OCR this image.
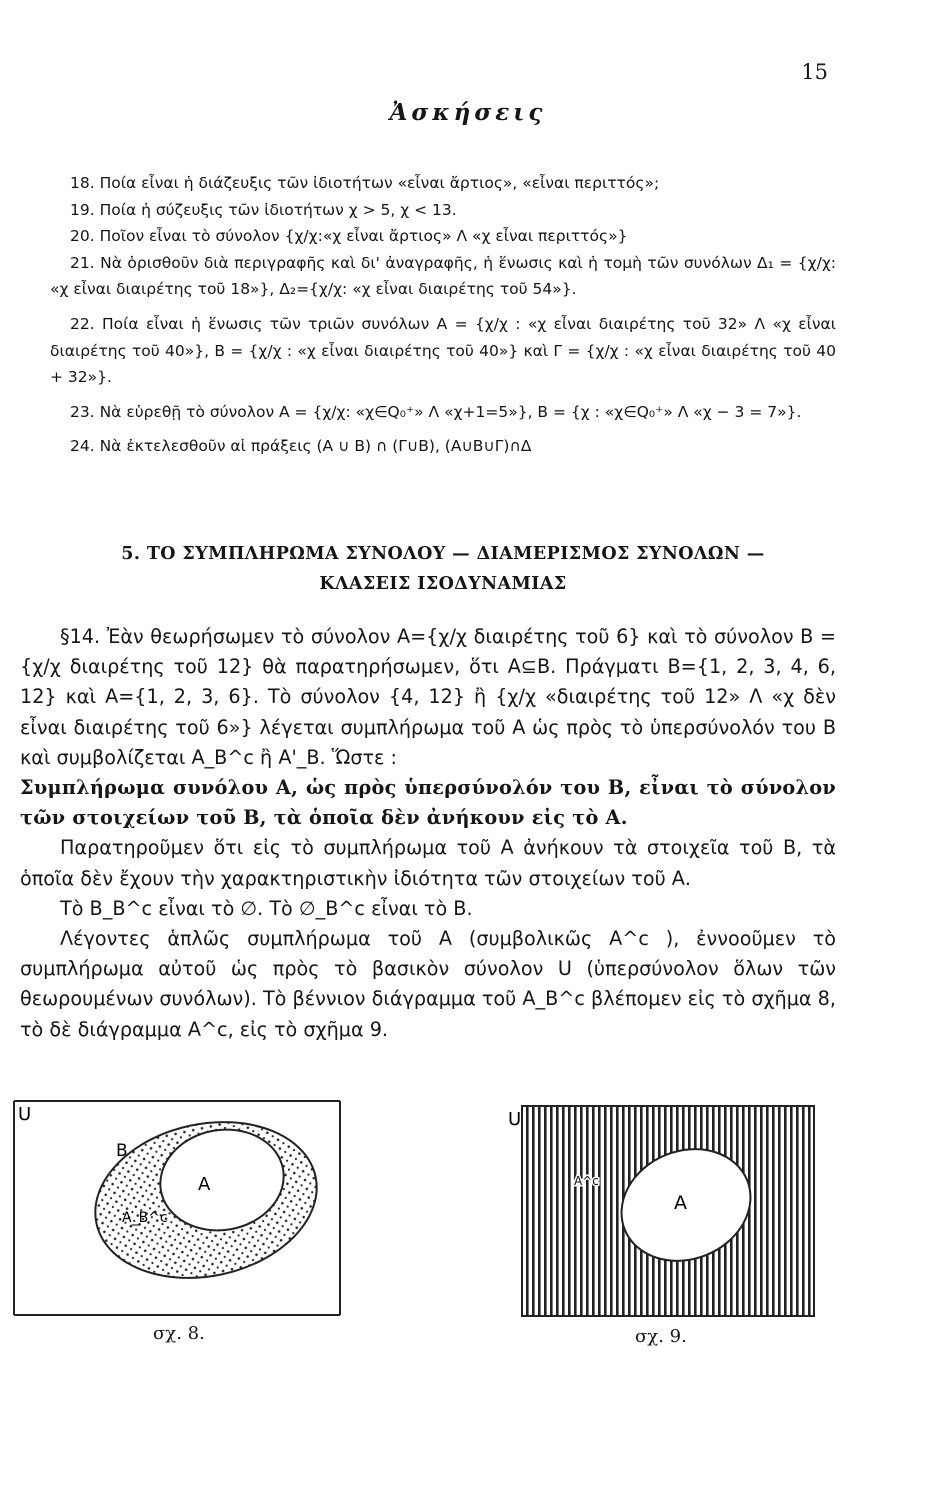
15
Ἀσκήσεις

18. Ποία εἶναι ἡ διάζευξις τῶν ἰδιοτήτων «εἶναι ἄρτιος», «εἶναι περιττός»;

19. Ποία ἡ σύζευξις τῶν ἰδιοτήτων χ > 5, χ < 13.

20. Ποῖον εἶναι τὸ σύνολον {χ/χ:«χ εἶναι ἄρτιος» Λ «χ εἶναι περιττός»}

21. Νὰ ὁρισθοῦν διὰ περιγραφῆς καὶ δι' ἀναγραφῆς, ἡ ἕνωσις καὶ ἡ τομὴ τῶν συνόλων Δ₁ = {χ/χ: «χ εἶναι διαιρέτης τοῦ 18»}, Δ₂={χ/χ: «χ εἶναι διαιρέτης τοῦ 54»}.

22. Ποία εἶναι ἡ ἕνωσις τῶν τριῶν συνόλων Α = {χ/χ : «χ εἶναι διαιρέτης τοῦ 32» Λ «χ εἶναι διαιρέτης τοῦ 40»}, Β = {χ/χ : «χ εἶναι διαιρέτης τοῦ 40»} καὶ Γ = {χ/χ : «χ εἶναι διαιρέτης τοῦ 40 + 32»}.

23. Νὰ εὑρεθῇ τὸ σύνολον Α = {χ/χ: «χ∈Q₀⁺» Λ «χ+1=5»}, Β = {χ : «χ∈Q₀⁺» Λ «χ − 3 = 7»}.

24. Νὰ ἐκτελεσθοῦν αἱ πράξεις (Α ∪ Β) ∩ (Γ∪Β), (Α∪Β∪Γ)∩Δ

5. ΤΟ ΣΥΜΠΛΗΡΩΜΑ ΣΥΝΟΛΟΥ — ΔΙΑΜΕΡΙΣΜΟΣ ΣΥΝΟΛΩΝ —
ΚΛΑΣΕΙΣ ΙΣΟΔΥΝΑΜΙΑΣ

§14. Ἐὰν θεωρήσωμεν τὸ σύνολον Α={χ/χ διαιρέτης τοῦ 6} καὶ τὸ σύνολον Β = {χ/χ διαιρέτης τοῦ 12} θὰ παρατηρήσωμεν, ὅτι Α⊆Β. Πράγματι Β={1, 2, 3, 4, 6, 12} καὶ Α={1, 2, 3, 6}. Τὸ σύνολον {4, 12} ἢ {χ/χ «διαιρέτης τοῦ 12» Λ «χ δὲν εἶναι διαιρέτης τοῦ 6»} λέγεται συμπλήρωμα τοῦ Α ὡς πρὸς τὸ ὑπερσύνολόν του Β καὶ συμβολίζεται Α_B^c ἢ Α'_B. Ὥστε :

Συμπλήρωμα συνόλου Α, ὡς πρὸς ὑπερσύνολόν του Β, εἶναι τὸ σύνολον τῶν στοιχείων τοῦ Β, τὰ ὁποῖα δὲν ἀνήκουν εἰς τὸ Α.

Παρατηροῦμεν ὅτι εἰς τὸ συμπλήρωμα τοῦ Α ἀνήκουν τὰ στοιχεῖα τοῦ Β, τὰ ὁποῖα δὲν ἔχουν τὴν χαρακτηριστικὴν ἰδιότητα τῶν στοιχείων τοῦ Α.

Τὸ Β_B^c εἶναι τὸ ∅. Τὸ ∅_B^c εἶναι τὸ Β.

Λέγοντες ἁπλῶς συμπλήρωμα τοῦ Α (συμβολικῶς Α^c ), ἐννοοῦμεν τὸ συμπλήρωμα αὐτοῦ ὡς πρὸς τὸ βασικὸν σύνολον U (ὑπερσύνολον ὅλων τῶν θεωρουμένων συνόλων). Τὸ βέννιον διάγραμμα τοῦ Α_B^c βλέπομεν εἰς τὸ σχῆμα 8, τὸ δὲ διάγραμμα Α^c, εἰς τὸ σχῆμα 9.

U
B
A
A_B^c
σχ. 8.
U
A
A^c
σχ. 9.
